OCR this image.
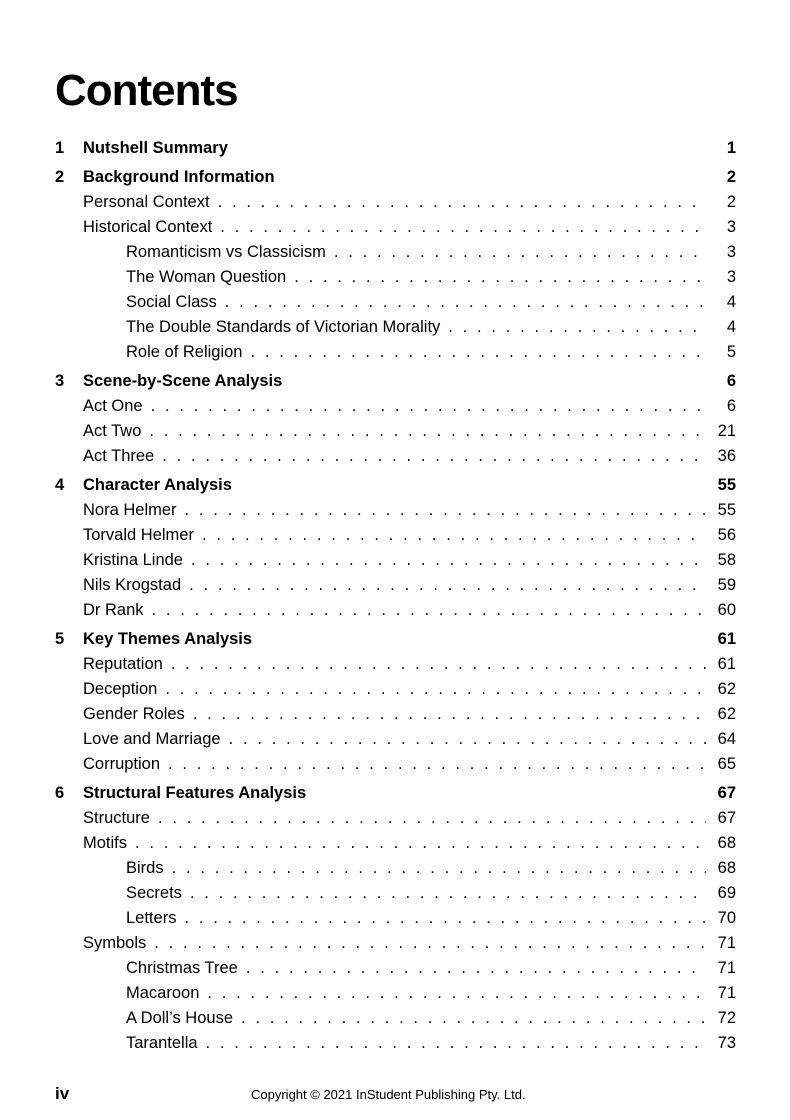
Contents
1	Nutshell Summary	1
2	Background Information	2
Personal Context . . .	2
Historical Context . . .	3
Romanticism vs Classicism . . .	3
The Woman Question . . .	3
Social Class . . .	4
The Double Standards of Victorian Morality . . .	4
Role of Religion . . .	5
3	Scene-by-Scene Analysis	6
Act One . . .	6
Act Two . . .	21
Act Three . . .	36
4	Character Analysis	55
Nora Helmer . . .	55
Torvald Helmer . . .	56
Kristina Linde . . .	58
Nils Krogstad . . .	59
Dr Rank . . .	60
5	Key Themes Analysis	61
Reputation . . .	61
Deception . . .	62
Gender Roles . . .	62
Love and Marriage . . .	64
Corruption . . .	65
6	Structural Features Analysis	67
Structure . . .	67
Motifs . . .	68
Birds . . .	68
Secrets . . .	69
Letters . . .	70
Symbols . . .	71
Christmas Tree . . .	71
Macaroon . . .	71
A Doll’s House . . .	72
Tarantella . . .	73
iv	Copyright © 2021 InStudent Publishing Pty. Ltd.
